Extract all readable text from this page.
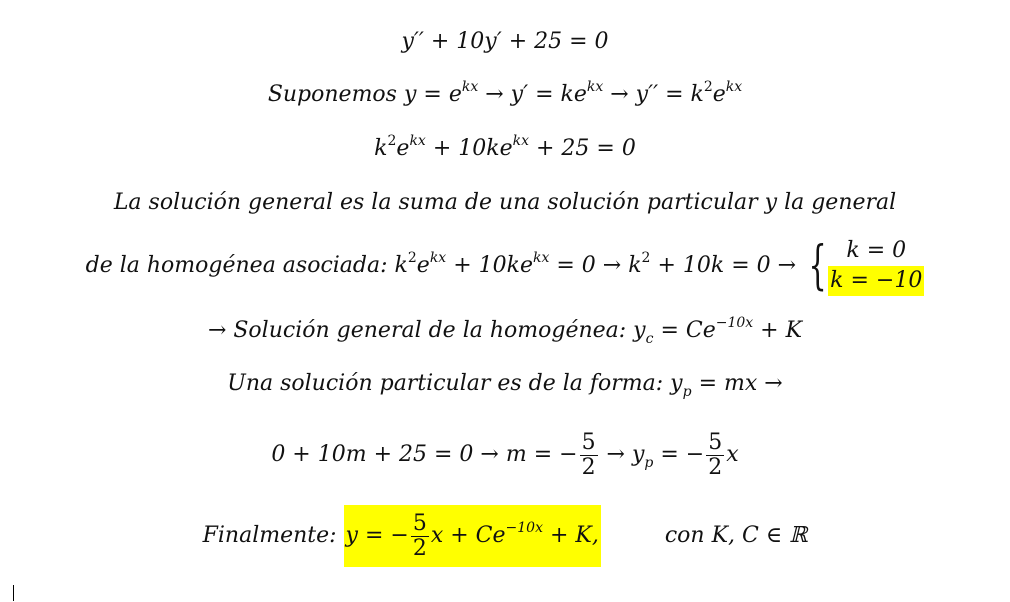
y′′ + 10y′ + 25 = 0
Suponemos $y = e^{kx} \to y' = ke^{kx} \to y'' = k^2e^{kx}$
$k^2e^{kx} + 10ke^{kx} + 25 = 0$
La solución general es la suma de una solución particular y la general
de la homogénea asociada: $k^2e^{kx} + 10ke^{kx} = 0 \to k^2 + 10k = 0$ → { k = 0
k = −10
→ Solución general de la homogénea: $y_c = Ce^{-10x} + K$
Una solución particular es de la forma: $y_p$ = mx →
0 + 10m + 25 = 0 → m = − $\frac{5}{2} \to y_p$ = − $\frac{5}{2}$ x
Finalmente: y = − $\frac{5}{2}$ $x + Ce^{-10x} + K$,	con K, C ∈ ℝ
